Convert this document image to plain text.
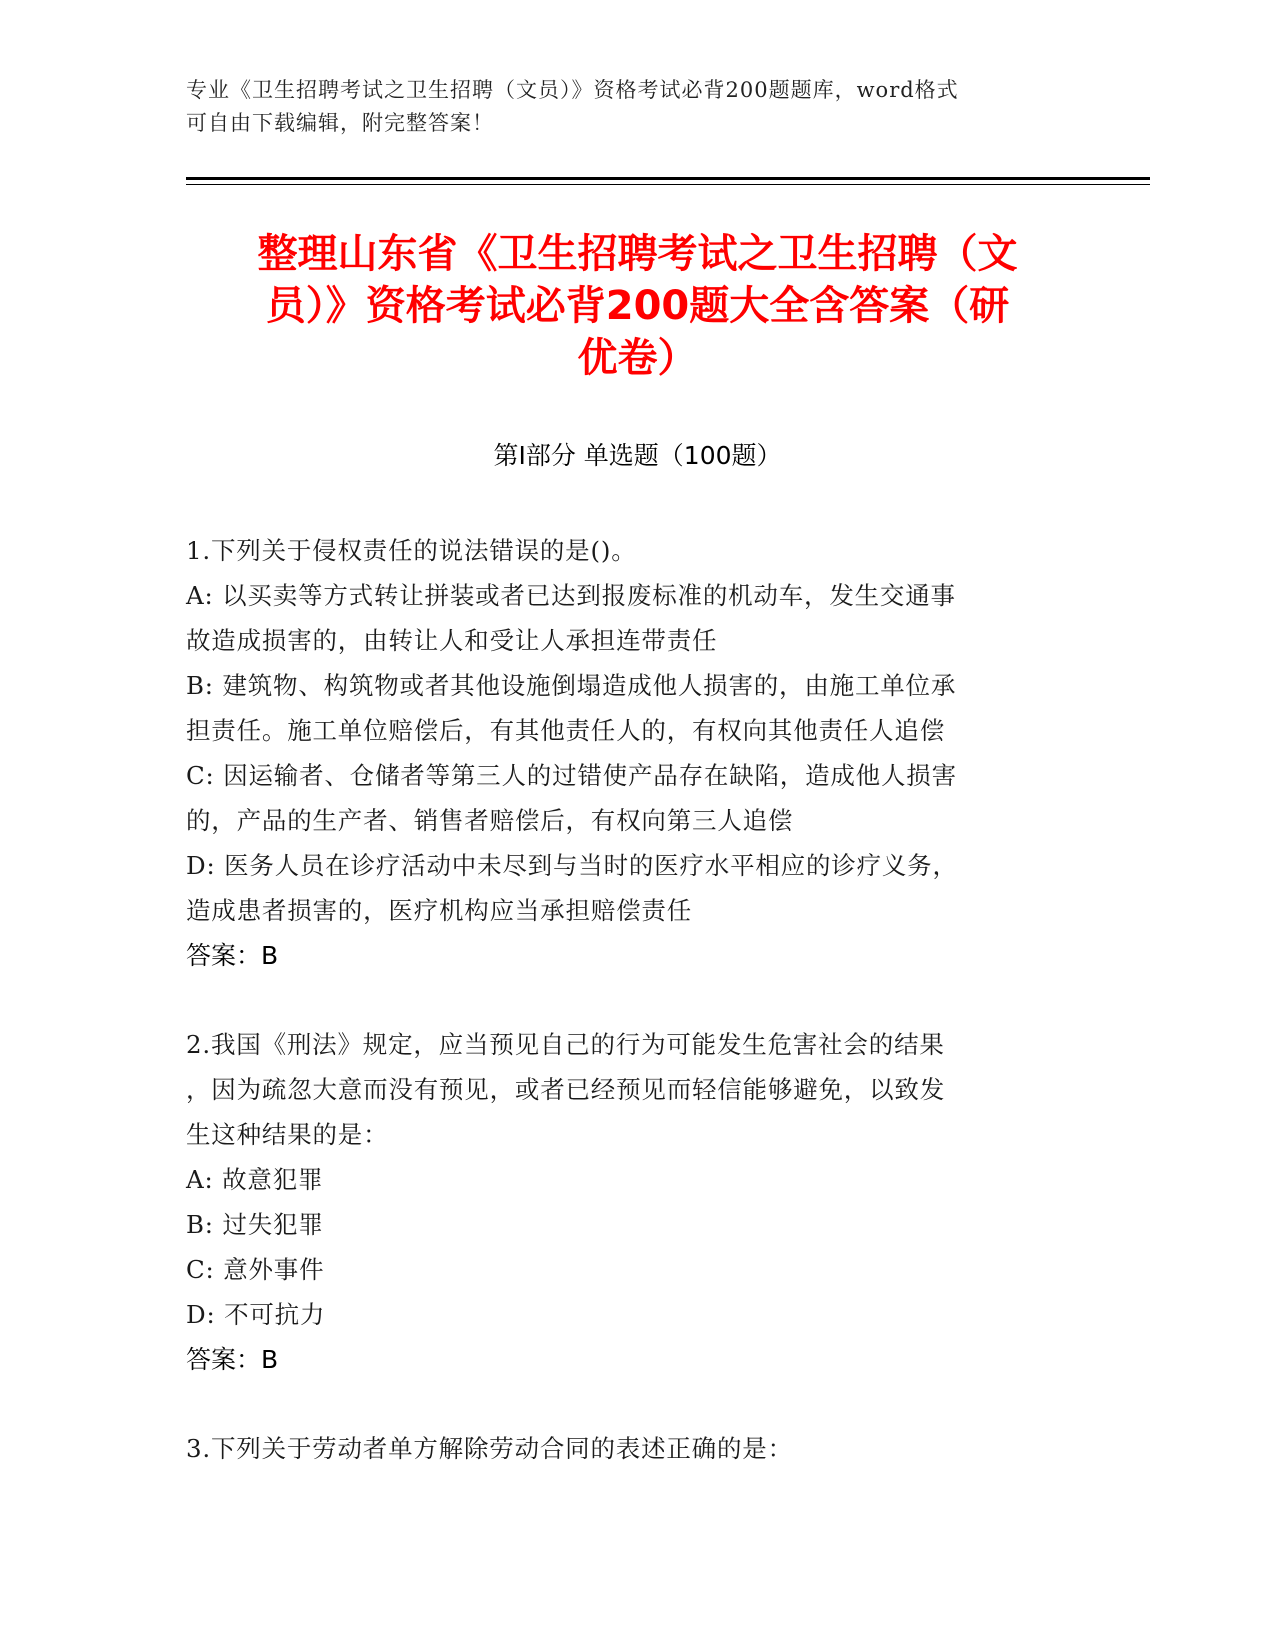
专业《卫生招聘考试之卫生招聘（文员）》资格考试必背200题题库，word格式
可自由下载编辑，附完整答案！
整理山东省《卫生招聘考试之卫生招聘（文
员）》资格考试必背200题大全含答案（研
优卷）
第Ⅰ部分 单选题（100题）
1.下列关于侵权责任的说法错误的是()。
A: 以买卖等方式转让拼装或者已达到报废标准的机动车，发生交通事
故造成损害的，由转让人和受让人承担连带责任
B: 建筑物、构筑物或者其他设施倒塌造成他人损害的，由施工单位承
担责任。施工单位赔偿后，有其他责任人的，有权向其他责任人追偿
C: 因运输者、仓储者等第三人的过错使产品存在缺陷，造成他人损害
的，产品的生产者、销售者赔偿后，有权向第三人追偿
D: 医务人员在诊疗活动中未尽到与当时的医疗水平相应的诊疗义务，
造成患者损害的，医疗机构应当承担赔偿责任
答案：B
2.我国《刑法》规定，应当预见自己的行为可能发生危害社会的结果
，因为疏忽大意而没有预见，或者已经预见而轻信能够避免，以致发
生这种结果的是：
A: 故意犯罪
B: 过失犯罪
C: 意外事件
D: 不可抗力
答案：B
3.下列关于劳动者单方解除劳动合同的表述正确的是：
